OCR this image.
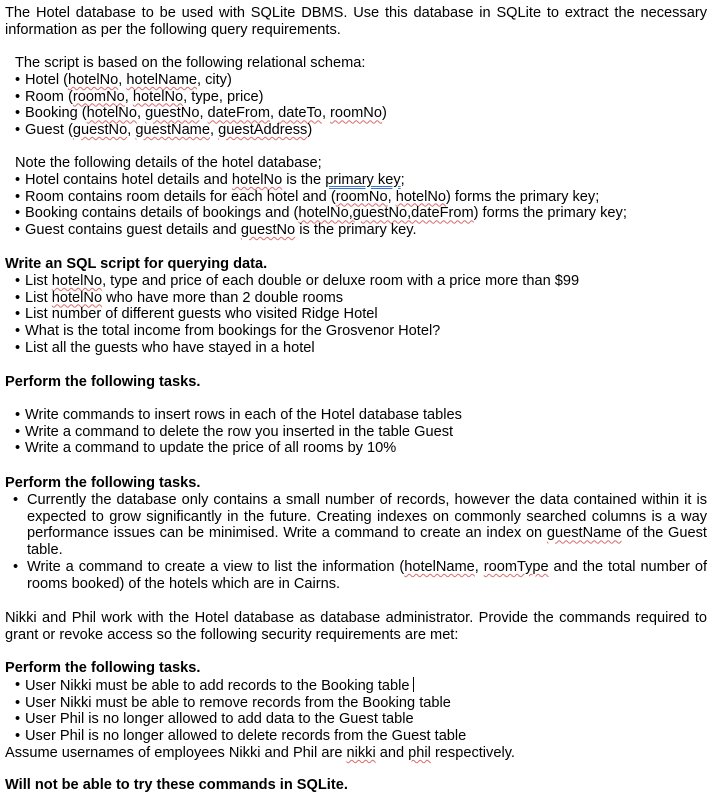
The Hotel database to be used with SQLite DBMS. Use this database in SQLite to extract the necessary information as per the following query requirements.

The script is based on the following relational schema:

• Hotel (hotelNo, hotelName, city)
• Room (roomNo, hotelNo, type, price)
• Booking (hotelNo, guestNo, dateFrom, dateTo, roomNo)
• Guest (guestNo, guestName, guestAddress)

Note the following details of the hotel database;

• Hotel contains hotel details and hotelNo is the primary key;
• Room contains room details for each hotel and (roomNo, hotelNo) forms the primary key;
• Booking contains details of bookings and (hotelNo,guestNo,dateFrom) forms the primary key;
• Guest contains guest details and guestNo is the primary key.

Write an SQL script for querying data.

• List hotelNo, type and price of each double or deluxe room with a price more than $99
• List hotelNo who have more than 2 double rooms
• List number of different guests who visited Ridge Hotel
• What is the total income from bookings for the Grosvenor Hotel?
• List all the guests who have stayed in a hotel

Perform the following tasks.

• Write commands to insert rows in each of the Hotel database tables
• Write a command to delete the row you inserted in the table Guest
• Write a command to update the price of all rooms by 10%

Perform the following tasks.

• Currently the database only contains a small number of records, however the data contained within it is expected to grow significantly in the future. Creating indexes on commonly searched columns is a way performance issues can be minimised. Write a command to create an index on guestName of the Guest table.
• Write a command to create a view to list the information (hotelName, roomType and the total number of rooms booked) of the hotels which are in Cairns.

Nikki and Phil work with the Hotel database as database administrator. Provide the commands required to grant or revoke access so the following security requirements are met:

Perform the following tasks.

• User Nikki must be able to add records to the Booking table
• User Nikki must be able to remove records from the Booking table
• User Phil is no longer allowed to add data to the Guest table
• User Phil is no longer allowed to delete records from the Guest table

Assume usernames of employees Nikki and Phil are nikki and phil respectively.

Will not be able to try these commands in SQLite.
